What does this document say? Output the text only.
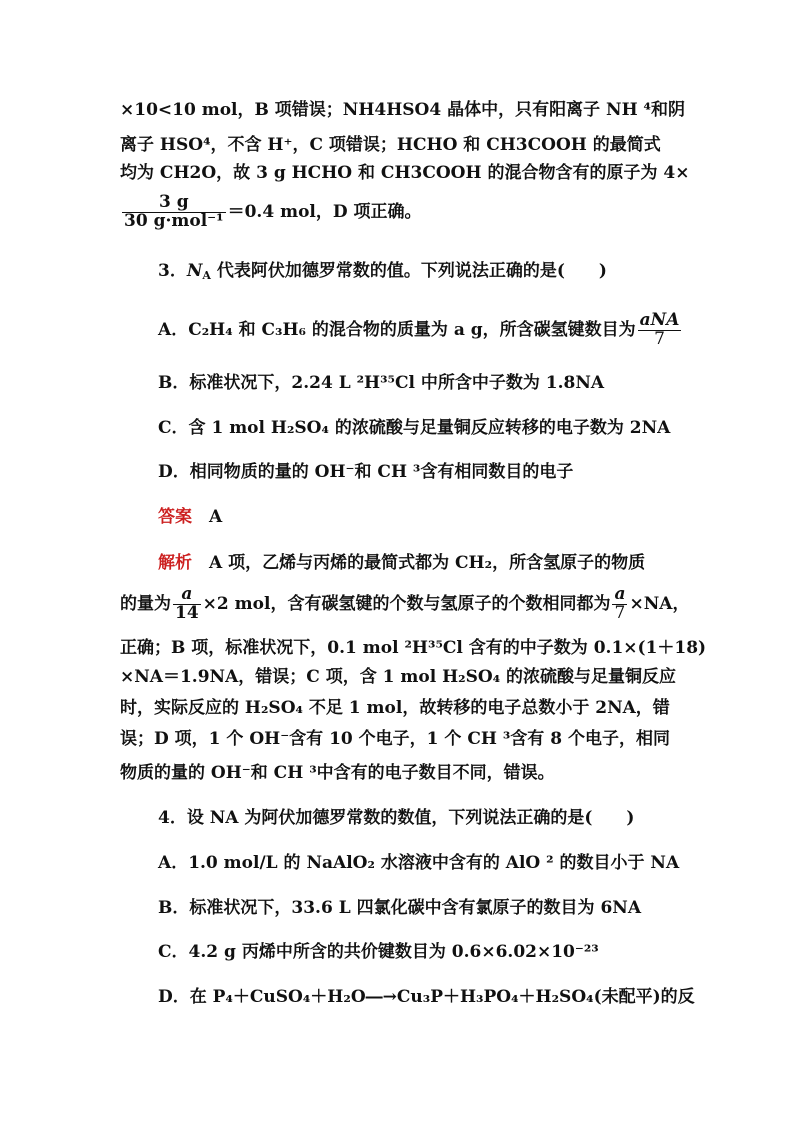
×10<10 mol，B 项错误；NH4HSO4 晶体中，只有阳离子 NH ⁴和阴
离子 HSO⁴，不含 H⁺，C 项错误；HCHO 和 CH3COOH 的最简式
均为 CH2O，故 3 g HCHO 和 CH3COOH 的混合物含有的原子为 4×
$\frac{3 g}{\text{30 g·mol⁻¹}} =0.4$ mol，D 项正确。
3．$N_A$ 代表阿伏加德罗常数的值。下列说法正确的是(　　)
A．C₂H₄ 和 C₃H₆ 的混合物的质量为 a g，所含碳氢键数目为 $\frac{\text{aNA}}{7}$
B．标准状况下，2.24 L ²H³⁵Cl 中所含中子数为 1.8NA
C．含 1 mol H₂SO₄ 的浓硫酸与足量铜反应转移的电子数为 2NA
D．相同物质的量的 OH⁻和 CH ³含有相同数目的电子
答案　 A
解析　 A 项，乙烯与丙烯的最简式都为 CH₂，所含氢原子的物质
的量为 $\frac{a}{14} \times 2$ mol，含有碳氢键的个数与氢原子的个数相同都为 $\frac{a}{7} \times NA$，
正确；B 项，标准状况下，0.1 mol ²H³⁵Cl 含有的中子数为 0.1×(1＋18)
×NA＝1.9NA，错误；C 项，含 1 mol H₂SO₄ 的浓硫酸与足量铜反应
时，实际反应的 H₂SO₄ 不足 1 mol，故转移的电子总数小于 2NA，错
误；D 项，1 个 OH⁻含有 10 个电子，1 个 CH ³含有 8 个电子，相同
物质的量的 OH⁻和 CH ³中含有的电子数目不同，错误。
4．设 NA 为阿伏加德罗常数的数值，下列说法正确的是(　　)
A．1.0 mol/L 的 NaAlO₂ 水溶液中含有的 AlO ² 的数目小于 NA
B．标准状况下，33.6 L 四氯化碳中含有氯原子的数目为 6NA
C．4.2 g 丙烯中所含的共价键数目为 0.6×6.02×10⁻²³
D．在 P₄＋CuSO₄＋H₂O―→Cu₃P＋H₃PO₄＋H₂SO₄(未配平)的反
